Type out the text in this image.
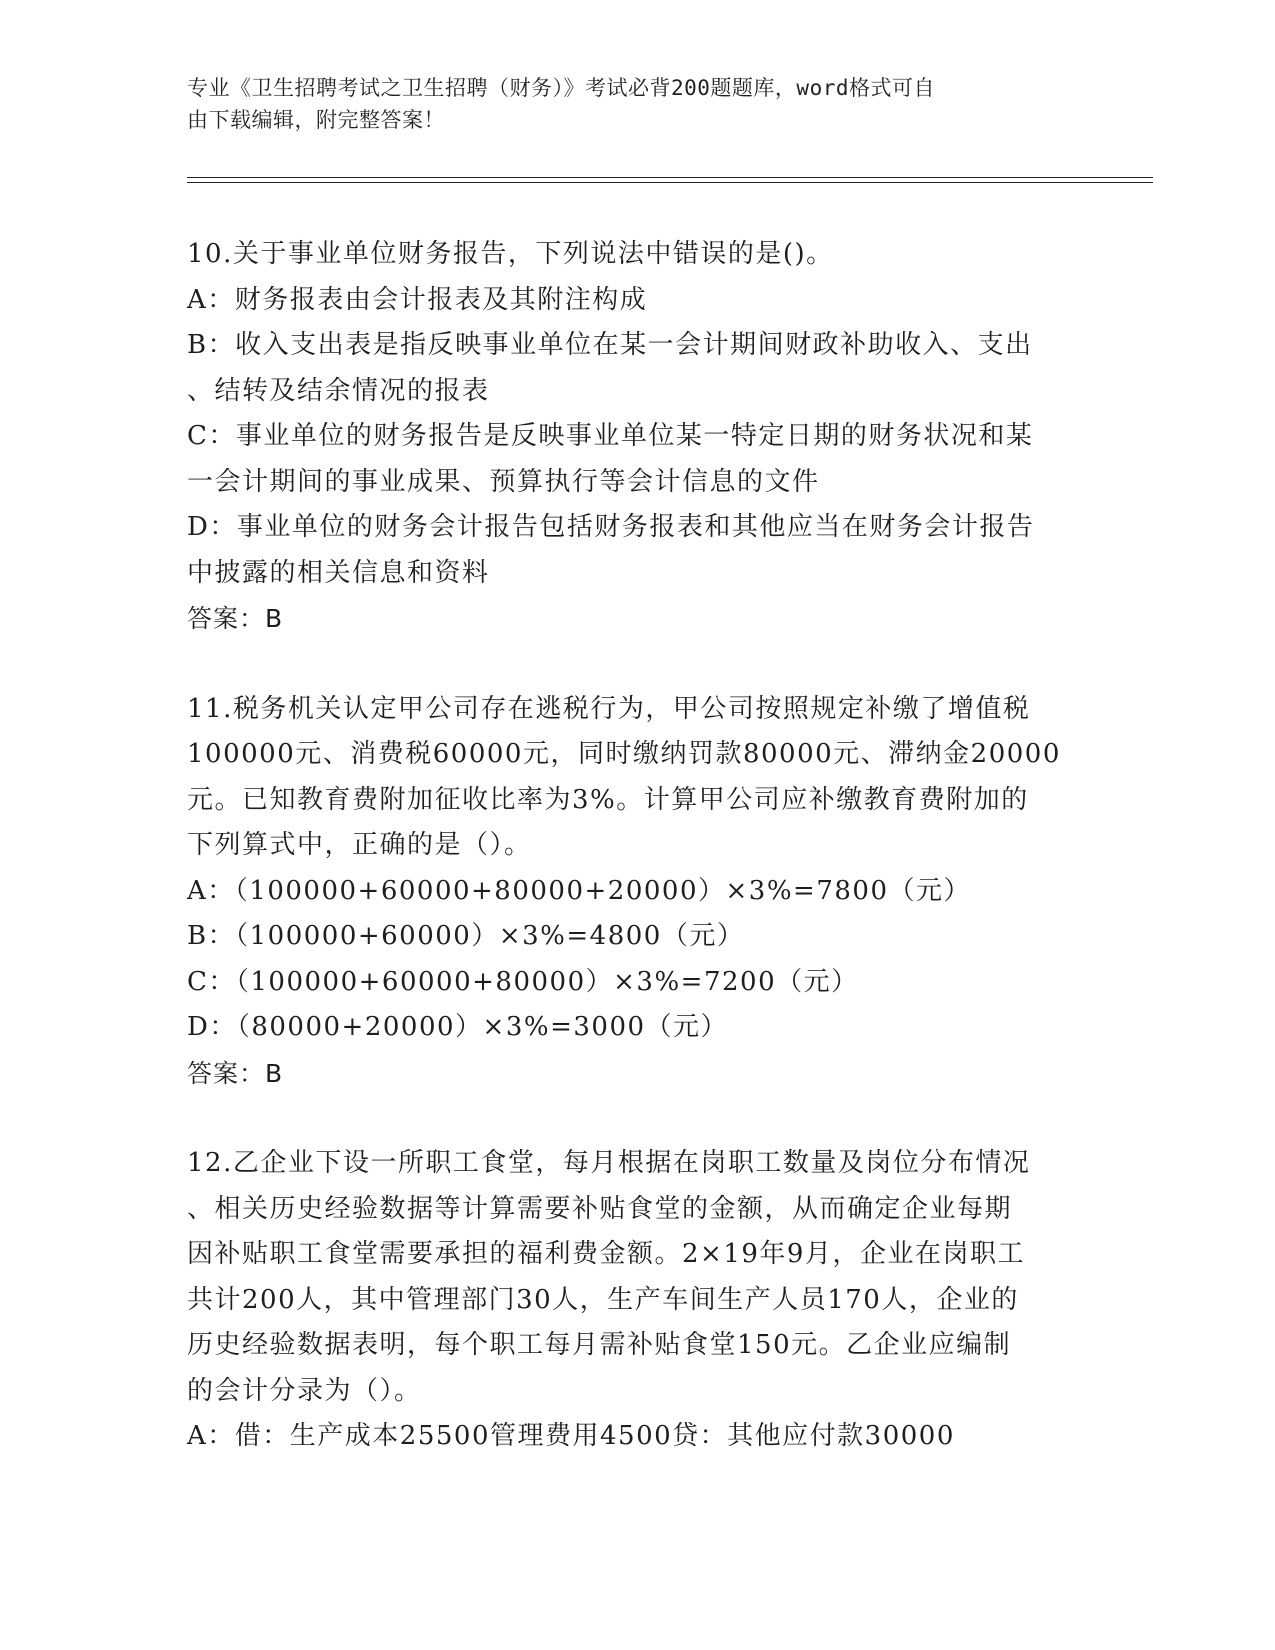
专业《卫生招聘考试之卫生招聘（财务）》考试必背200题题库，word格式可自
由下载编辑，附完整答案！
10.关于事业单位财务报告，下列说法中错误的是()。
A：财务报表由会计报表及其附注构成
B：收入支出表是指反映事业单位在某一会计期间财政补助收入、支出
、结转及结余情况的报表
C：事业单位的财务报告是反映事业单位某一特定日期的财务状况和某
一会计期间的事业成果、预算执行等会计信息的文件
D：事业单位的财务会计报告包括财务报表和其他应当在财务会计报告
中披露的相关信息和资料
答案：B
11.税务机关认定甲公司存在逃税行为，甲公司按照规定补缴了增值税
100000元、消费税60000元，同时缴纳罚款80000元、滞纳金20000
元。已知教育费附加征收比率为3%。计算甲公司应补缴教育费附加的
下列算式中，正确的是（）。
A：（100000+60000+80000+20000）×3%=7800（元）
B：（100000+60000）×3%=4800（元）
C：（100000+60000+80000）×3%=7200（元）
D：（80000+20000）×3%=3000（元）
答案：B
12.乙企业下设一所职工食堂，每月根据在岗职工数量及岗位分布情况
、相关历史经验数据等计算需要补贴食堂的金额，从而确定企业每期
因补贴职工食堂需要承担的福利费金额。2×19年9月，企业在岗职工
共计200人，其中管理部门30人，生产车间生产人员170人，企业的
历史经验数据表明，每个职工每月需补贴食堂150元。乙企业应编制
的会计分录为（）。
A：借：生产成本25500管理费用4500贷：其他应付款30000
